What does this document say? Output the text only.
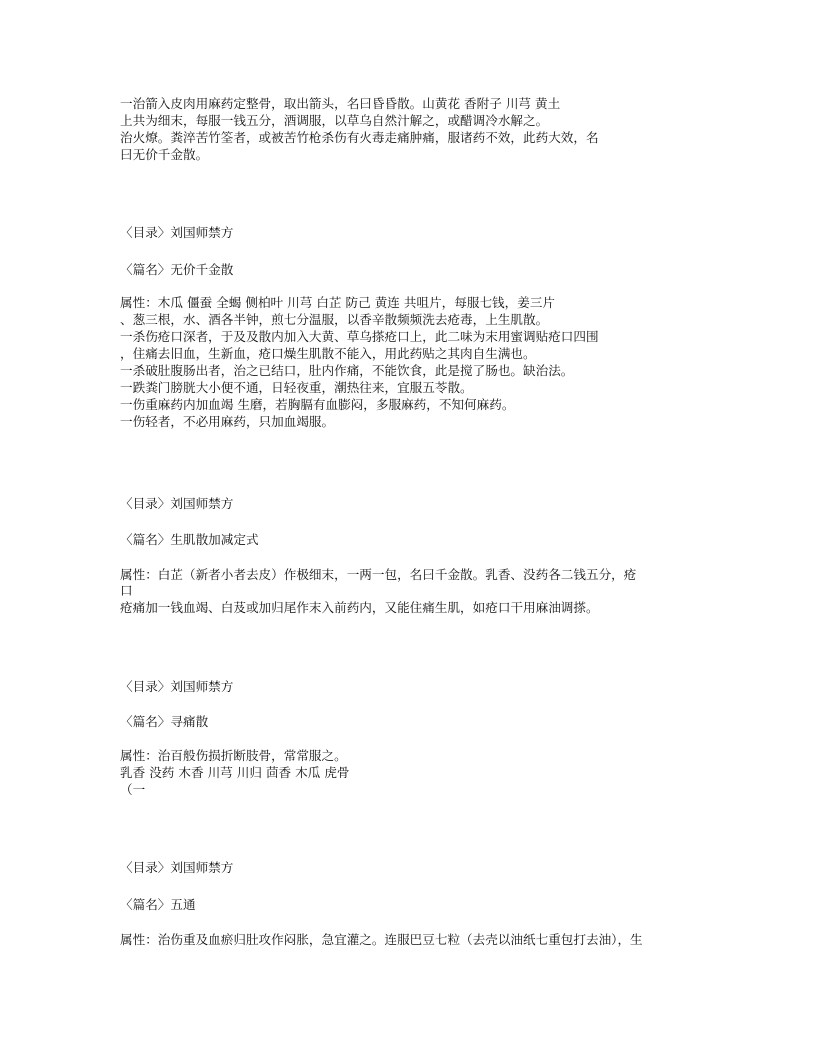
一治箭入皮肉用麻药定整骨，取出箭头，名曰昏昏散。山黄花 香附子 川芎 黄土
上共为细末，每服一钱五分，酒调服，以草乌自然汁解之，或醋调冷水解之。
治火燎。粪淬苦竹筌者，或被苦竹枪杀伤有火毒走痛肿痛，服诸药不效，此药大效，名
曰无价千金散。
〈目录〉刘国师禁方
〈篇名〉无价千金散
属性：木瓜 僵蚕 全蝎 侧柏叶 川芎 白芷 防己 黄连 共咀片，每服七钱，姜三片
、葱三根，水、酒各半钟，煎七分温服，以香辛散频频洗去疮毒，上生肌散。
一杀伤疮口深者，于及及散内加入大黄、草乌搽疮口上，此二味为末用蜜调贴疮口四围
，住痛去旧血，生新血，疮口燥生肌散不能入，用此药贴之其肉自生满也。
一杀破肚腹肠出者，治之已结口，肚内作痛，不能饮食，此是搅了肠也。缺治法。
一跌粪门膀胱大小便不通，日轻夜重，潮热往来，宜服五苓散。
一伤重麻药内加血竭 生磨，若胸膈有血膨闷，多服麻药，不知何麻药。
一伤轻者，不必用麻药，只加血竭服。
〈目录〉刘国师禁方
〈篇名〉生肌散加减定式
属性：白芷（新者小者去皮）作极细末，一两一包，名曰千金散。乳香、没药各二钱五分，疮
口
疮痛加一钱血竭、白芨或加归尾作末入前药内，又能住痛生肌，如疮口干用麻油调搽。
〈目录〉刘国师禁方
〈篇名〉寻痛散
属性：治百般伤损折断肢骨，常常服之。
乳香 没药 木香 川芎 川归 茴香 木瓜 虎骨
（一
〈目录〉刘国师禁方
〈篇名〉五通
属性：治伤重及血瘀归肚攻作闷胀，急宜灌之。连服巴豆七粒（去壳以油纸七重包打去油），生
